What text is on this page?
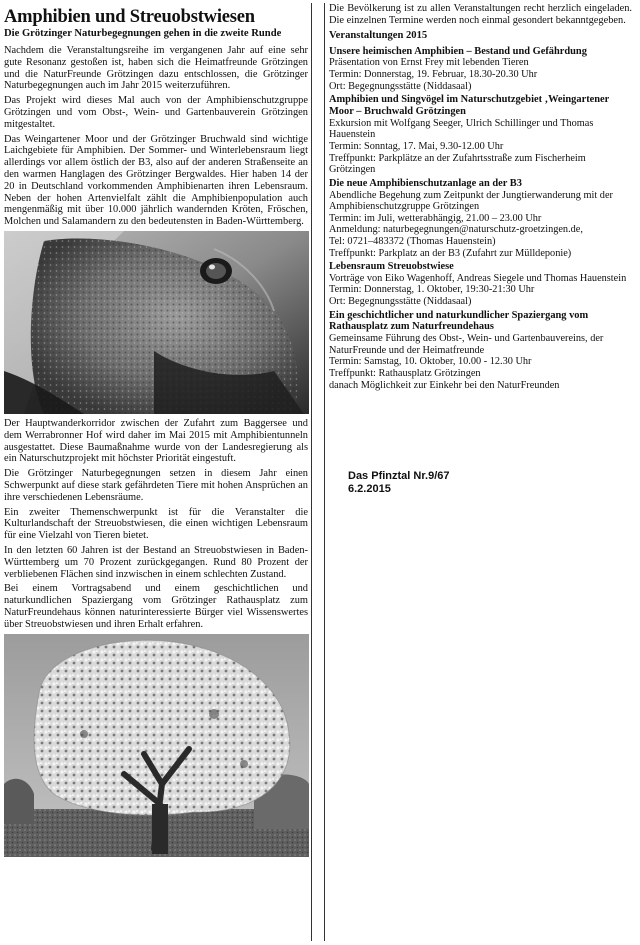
Amphibien und Streuobstwiesen
Die Grötzinger Naturbegegnungen gehen in die zweite Runde

Nachdem die Veranstaltungsreihe im vergangenen Jahr auf eine sehr gute Resonanz gestoßen ist, haben sich die Heimatfreunde Grötzingen und die NaturFreunde Grötzingen dazu entschlossen, die Grötzinger Naturbegegnungen auch im Jahr 2015 weiterzuführen.

Das Projekt wird dieses Mal auch von der Amphibienschutzgruppe Grötzingen und vom Obst-, Wein- und Gartenbauverein Grötzingen mitgestaltet.

Das Weingartener Moor und der Grötzinger Bruchwald sind wichtige Laichgebiete für Amphibien. Der Sommer- und Winterlebensraum liegt allerdings vor allem östlich der B3, also auf der anderen Straßenseite an den warmen Hanglagen des Grötzinger Bergwaldes. Hier haben 14 der 20 in Deutschland vorkommenden Amphibienarten ihren Lebensraum. Neben der hohen Artenvielfalt zählt die Amphibienpopulation auch mengenmäßig mit über 10.000 jährlich wandernden Kröten, Fröschen, Molchen und Salamandern zu den bedeutensten in Baden-Württemberg.

Der Hauptwanderkorridor zwischen der Zufahrt zum Baggersee und dem Werrabronner Hof wird daher im Mai 2015 mit Amphibientunneln ausgestattet. Diese Baumaßnahme wurde von der Landesregierung als ein Naturschutzprojekt mit höchster Priorität eingestuft.

Die Grötzinger Naturbegegnungen setzen in diesem Jahr einen Schwerpunkt auf diese stark gefährdeten Tiere mit hohen Ansprüchen an ihre verschiedenen Lebensräume.

Ein zweiter Themenschwerpunkt ist für die Veranstalter die Kulturlandschaft der Streuobstwiesen, die einen wichtigen Lebensraum für eine Vielzahl von Tieren bietet.

In den letzten 60 Jahren ist der Bestand an Streuobstwiesen in Baden-Württemberg um 70 Prozent zurückgegangen. Rund 80 Prozent der verbliebenen Flächen sind inzwischen in einem schlechten Zustand.

Bei einem Vortragsabend und einem geschichtlichen und naturkundlichen Spaziergang vom Grötzinger Rathausplatz zum NaturFreundehaus können naturinteressierte Bürger viel Wissenswertes über Streuobstwiesen und ihren Erhalt erfahren.

Die Bevölkerung ist zu allen Veranstaltungen recht herzlich eingeladen. Die einzelnen Termine werden noch einmal gesondert bekanntgegeben.

Veranstaltungen 2015
Unsere heimischen Amphibien – Bestand und Gefährdung
Präsentation von Ernst Frey mit lebenden Tieren
Termin: Donnerstag, 19. Februar, 18.30-20.30 Uhr
Ort: Begegnungsstätte (Niddasaal)
Amphibien und Singvögel im Naturschutzgebiet ‚Weingartener Moor – Bruchwald Grötzingen
Exkursion mit Wolfgang Seeger, Ulrich Schillinger und Thomas Hauenstein
Termin: Sonntag, 17. Mai, 9.30-12.00 Uhr
Treffpunkt: Parkplätze an der Zufahrtsstraße zum Fischerheim Grötzingen
Die neue Amphibienschutzanlage an der B3
Abendliche Begehung zum Zeitpunkt der Jungtierwanderung mit der Amphibienschutzgruppe Grötzingen
Termin: im Juli, wetterabhängig, 21.00 – 23.00 Uhr
Anmeldung: naturbegegnungen@naturschutz-groetzingen.de,
Tel: 0721–483372 (Thomas Hauenstein)
Treffpunkt: Parkplatz an der B3 (Zufahrt zur Mülldeponie)
Lebensraum Streuobstwiese
Vorträge von Eiko Wagenhoff, Andreas Siegele und Thomas Hauenstein
Termin: Donnerstag, 1. Oktober, 19:30-21:30 Uhr
Ort: Begegnungsstätte (Niddasaal)
Ein geschichtlicher und naturkundlicher Spaziergang vom Rathausplatz zum Naturfreundehaus
Gemeinsame Führung des Obst-, Wein- und Gartenbauvereins, der NaturFreunde und der Heimatfreunde
Termin: Samstag, 10. Oktober, 10.00 - 12.30 Uhr
Treffpunkt: Rathausplatz Grötzingen
danach Möglichkeit zur Einkehr bei den NaturFreunden
Das Pfinztal Nr.9/67
6.2.2015
